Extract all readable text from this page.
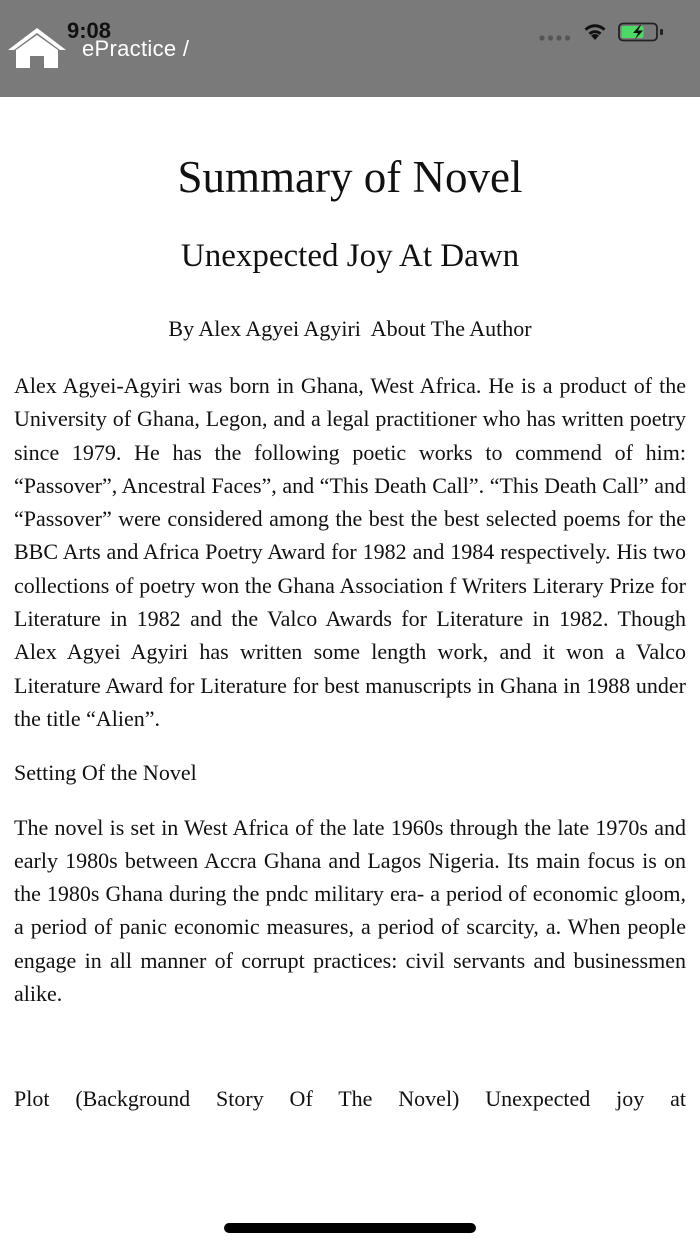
9:08
ePractice /
Summary of Novel
Unexpected Joy At Dawn

By Alex Agyei Agyiri  About The Author

Alex Agyei-Agyiri was born in Ghana, West Africa. He is a product of the University of Ghana, Legon, and a legal practitioner who has written poetry since 1979. He has the following poetic works to commend of him: “Passover”, Ancestral Faces”, and “This Death Call”. “This Death Call” and “Passover” were considered among the best the best selected poems for the BBC Arts and Africa Poetry Award for 1982 and 1984 respectively. His two collections of poetry won the Ghana Association f Writers Literary Prize for Literature in 1982 and the Valco Awards for Literature in 1982. Though Alex Agyei Agyiri has written some length work, and it won a Valco Literature Award for Literature for best manuscripts in Ghana in 1988 under the title “Alien”.

Setting Of the Novel

The novel is set in West Africa of the late 1960s through the late 1970s and early 1980s between Accra Ghana and Lagos Nigeria. Its main focus is on the 1980s Ghana during the pndc military era- a period of economic gloom, a period of panic economic measures, a period of scarcity, a. When people engage in all manner of corrupt practices: civil servants and businessmen alike.

Plot (Background Story Of The Novel) Unexpected joy at
